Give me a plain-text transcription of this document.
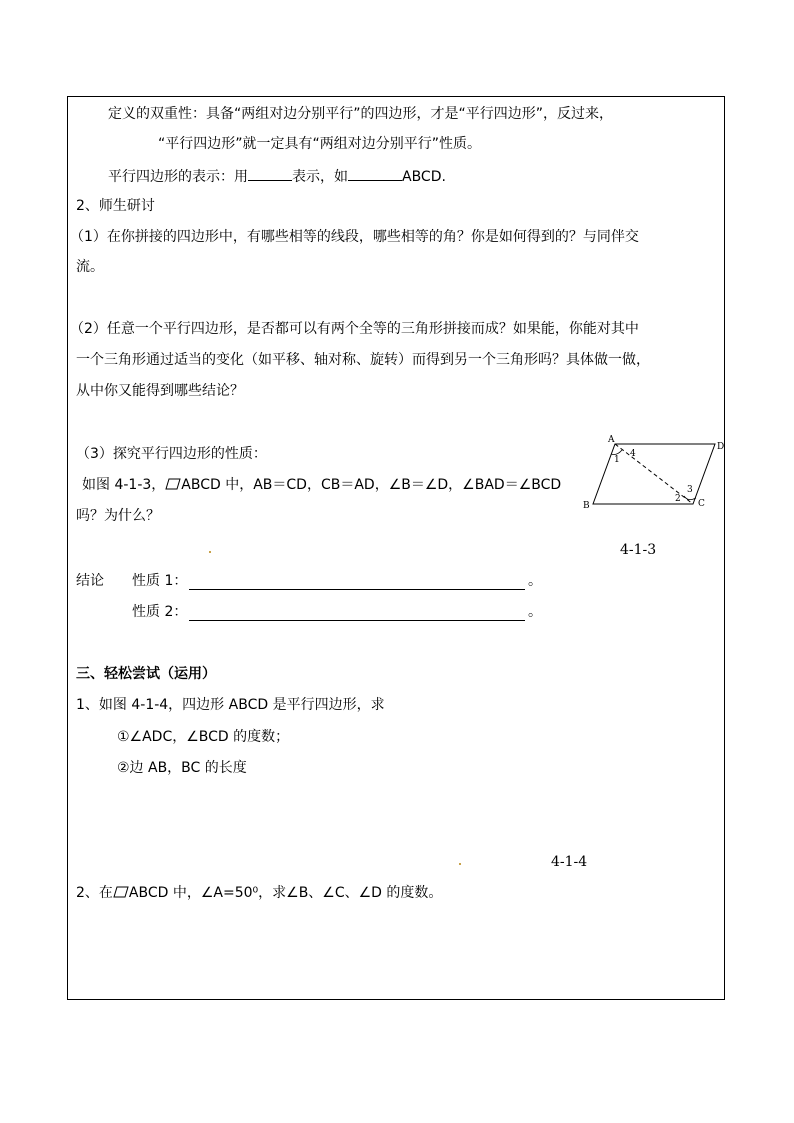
定义的双重性：具备“两组对边分别平行”的四边形，才是“平行四边形”，反过来，
“平行四边形”就一定具有“两组对边分别平行”性质。
平行四边形的表示：用	表示，如	ABCD.
2、师生研讨
（1）在你拼接的四边形中，有哪些相等的线段，哪些相等的角？你是如何得到的？与同伴交
流。
（2）任意一个平行四边形，是否都可以有两个全等的三角形拼接而成？如果能，你能对其中
一个三角形通过适当的变化（如平移、轴对称、旋转）而得到另一个三角形吗？具体做一做，
从中你又能得到哪些结论？
（3）探究平行四边形的性质：
如图 4-1-3， ABCD 中，AB＝CD，CB＝AD，∠B＝∠D，∠BAD＝∠BCD
吗？为什么？
A
D
B	C
1
4
2
3
4-1-3
结论 性质 1：	。
性质 2：	。
三、轻松尝试（运用）
1、如图 4-1-4，四边形 ABCD 是平行四边形，求
①∠ADC，∠BCD 的度数；
②边 AB，BC 的长度
4-1-4
2、在 ABCD 中，∠A=50⁰，求∠B、∠C、∠D 的度数。
